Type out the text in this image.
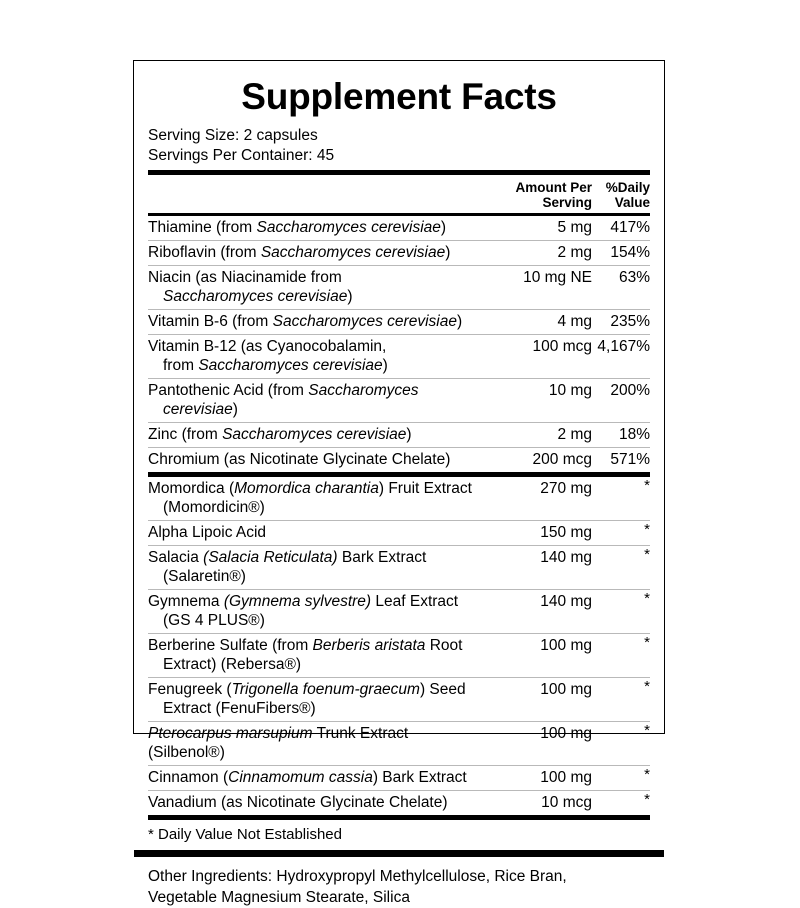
Supplement Facts
Serving Size: 2 capsules
Servings Per Container: 45
Amount Per
Serving
%Daily
Value
Thiamine (from Saccharomyces cerevisiae)	5 mg	417%
Riboflavin (from Saccharomyces cerevisiae)	2 mg	154%
Niacin (as Niacinamide from
Saccharomyces cerevisiae)
10 mg NE	63%
Vitamin B-6 (from Saccharomyces cerevisiae)	4 mg	235%
Vitamin B-12 (as Cyanocobalamin,
from Saccharomyces cerevisiae)
100 mcg 4,167%
Pantothenic Acid (from Saccharomyces
cerevisiae)
10 mg	200%
Zinc (from Saccharomyces cerevisiae)	2 mg	18%
Chromium (as Nicotinate Glycinate Chelate)	200 mcg	571%
Momordica (Momordica charantia) Fruit Extract
(Momordicin®)
270 mg	*
Alpha Lipoic Acid	150 mg	*
Salacia (Salacia Reticulata) Bark Extract
(Salaretin®)
140 mg	*
Gymnema (Gymnema sylvestre) Leaf Extract
(GS 4 PLUS®)
140 mg	*
Berberine Sulfate (from Berberis aristata Root
Extract) (Rebersa®)
100 mg	*
Fenugreek (Trigonella foenum-graecum) Seed
Extract (FenuFibers®)
100 mg	*
Pterocarpus marsupium Trunk Extract (Silbenol®)
100 mg	*
Cinnamon (Cinnamomum cassia) Bark Extract	100 mg	*
Vanadium (as Nicotinate Glycinate Chelate)	10 mcg	*
* Daily Value Not Established
Other Ingredients: Hydroxypropyl Methylcellulose, Rice Bran,
Vegetable Magnesium Stearate, Silica
